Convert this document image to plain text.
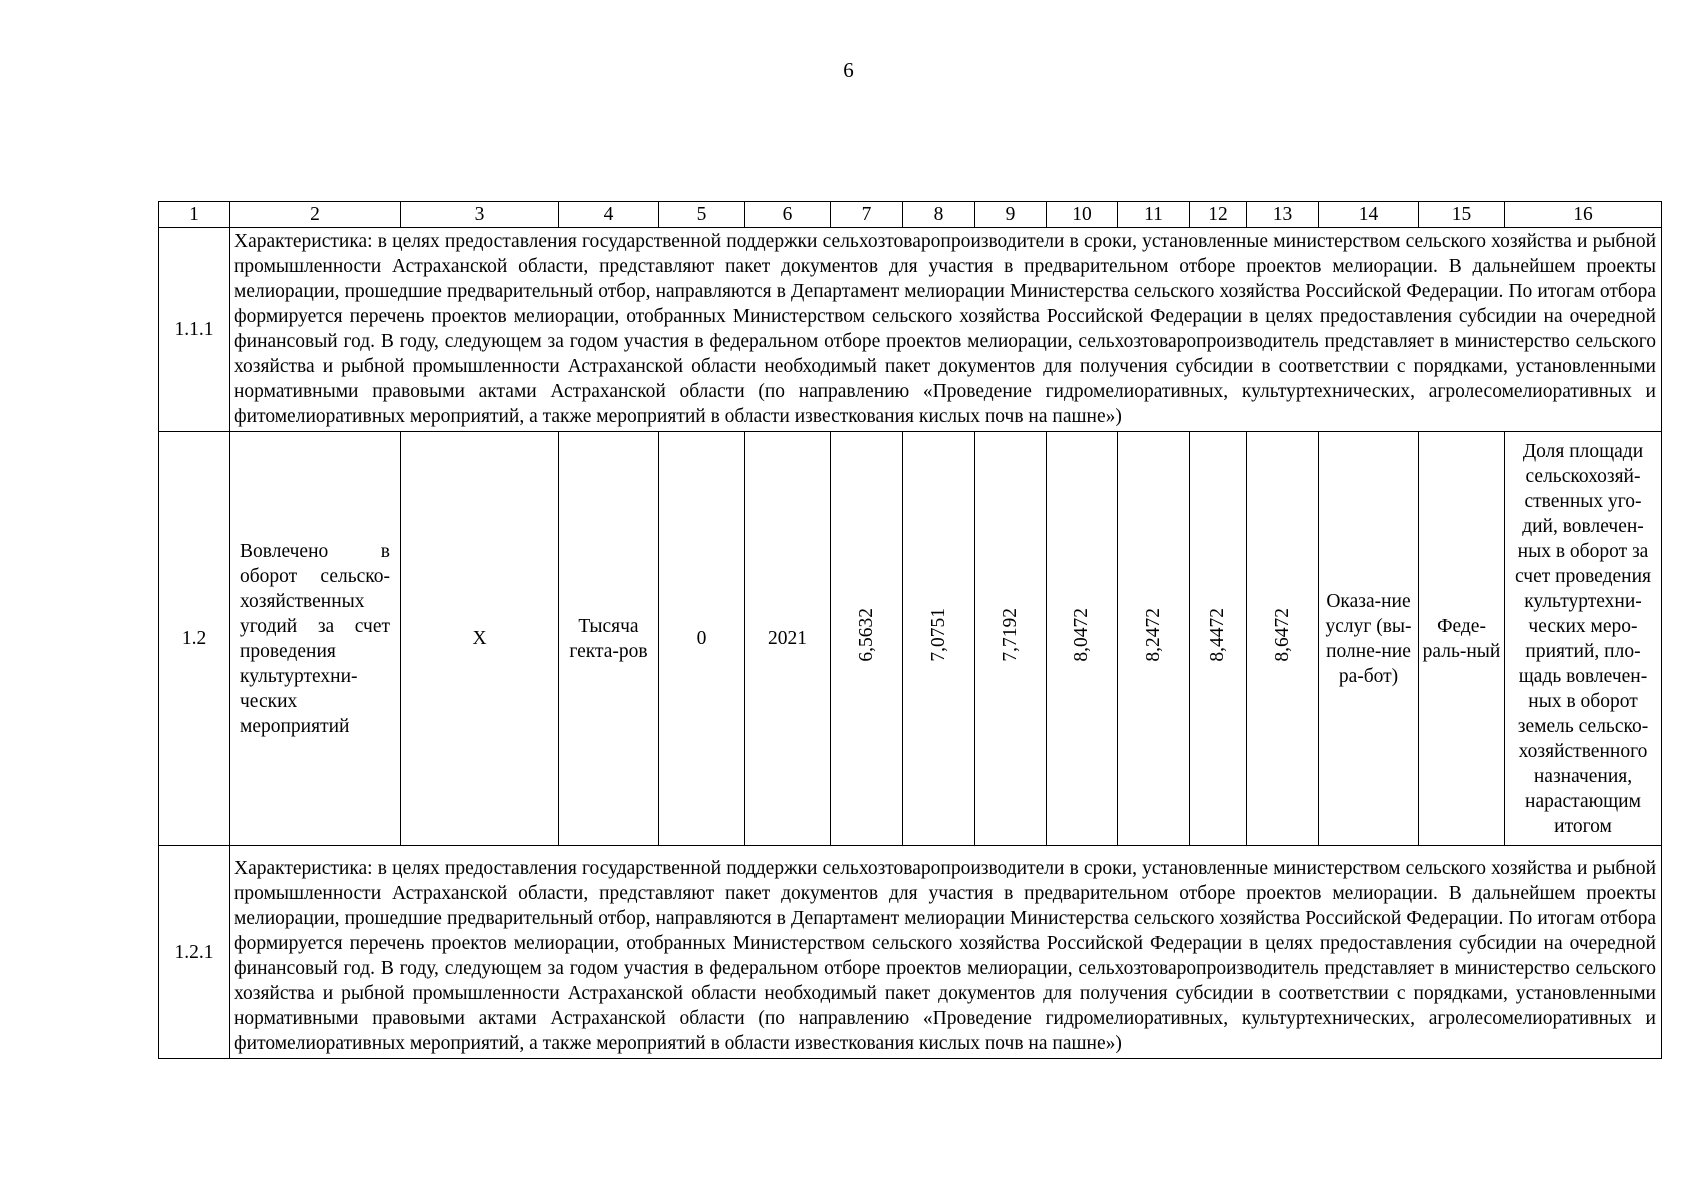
6
1	2	3	4	5	6	7	8	9	10	11	12	13	14	15	16
1.1.1	Характеристика: в целях предоставления государственной поддержки сельхозтоваропроизводители в сроки, установленные министерством сельского хозяйства и рыбной промышленности Астраханской области, представляют пакет документов для участия в предварительном отборе проектов мелиорации. В дальнейшем проекты мелиорации, прошедшие предварительный отбор, направляются в Департамент мелиорации Министерства сельского хозяйства Российской Федерации. По итогам отбора формируется перечень проектов мелиорации, отобранных Министерством сельского хозяйства Российской Федерации в целях предоставления субсидии на очередной финансовый год. В году, следующем за годом участия в федеральном отборе проектов мелиорации, сельхозтоваропроизводитель представляет в министерство сельского хозяйства и рыбной промышленности Астраханской области необходимый пакет документов для получения субсидии в соответствии с порядками, установленными нормативными правовыми актами Астраханской области (по направлению «Проведение гидромелиоративных, культуртехнических, агролесомелиоративных и фитомелиоративных мероприятий, а также мероприятий в области известкования кислых почв на пашне»)														
1.2	Вовлечено в оборот сельско-хозяйственных угодий за счет проведения культуртехни-ческих мероприятий	Х	Тысяча гекта-ров	0	2021	6,5632	7,0751	7,7192	8,0472	8,2472	8,4472	8,6472	Оказа-ние услуг (вы-полне-ние ра-бот)	Феде-раль-ный	Доля площади сельскохозяй-ственных уго-дий, вовлечен-ных в оборот за счет проведения культуртехни-ческих меро-приятий, пло-щадь вовлечен-ных в оборот земель сельско-хозяйственного назначения, нарастающим итогом
1.2.1	Характеристика: в целях предоставления государственной поддержки сельхозтоваропроизводители в сроки, установленные министерством сельского хозяйства и рыбной промышленности Астраханской области, представляют пакет документов для участия в предварительном отборе проектов мелиорации. В дальнейшем проекты мелиорации, прошедшие предварительный отбор, направляются в Департамент мелиорации Министерства сельского хозяйства Российской Федерации. По итогам отбора формируется перечень проектов мелиорации, отобранных Министерством сельского хозяйства Российской Федерации в целях предоставления субсидии на очередной финансовый год. В году, следующем за годом участия в федеральном отборе проектов мелиорации, сельхозтоваропроизводитель представляет в министерство сельского хозяйства и рыбной промышленности Астраханской области необходимый пакет документов для получения субсидии в соответствии с порядками, установленными нормативными правовыми актами Астраханской области (по направлению «Проведение гидромелиоративных, культуртехнических, агролесомелиоративных и фитомелиоративных мероприятий, а также мероприятий в области известкования кислых почв на пашне»)														
